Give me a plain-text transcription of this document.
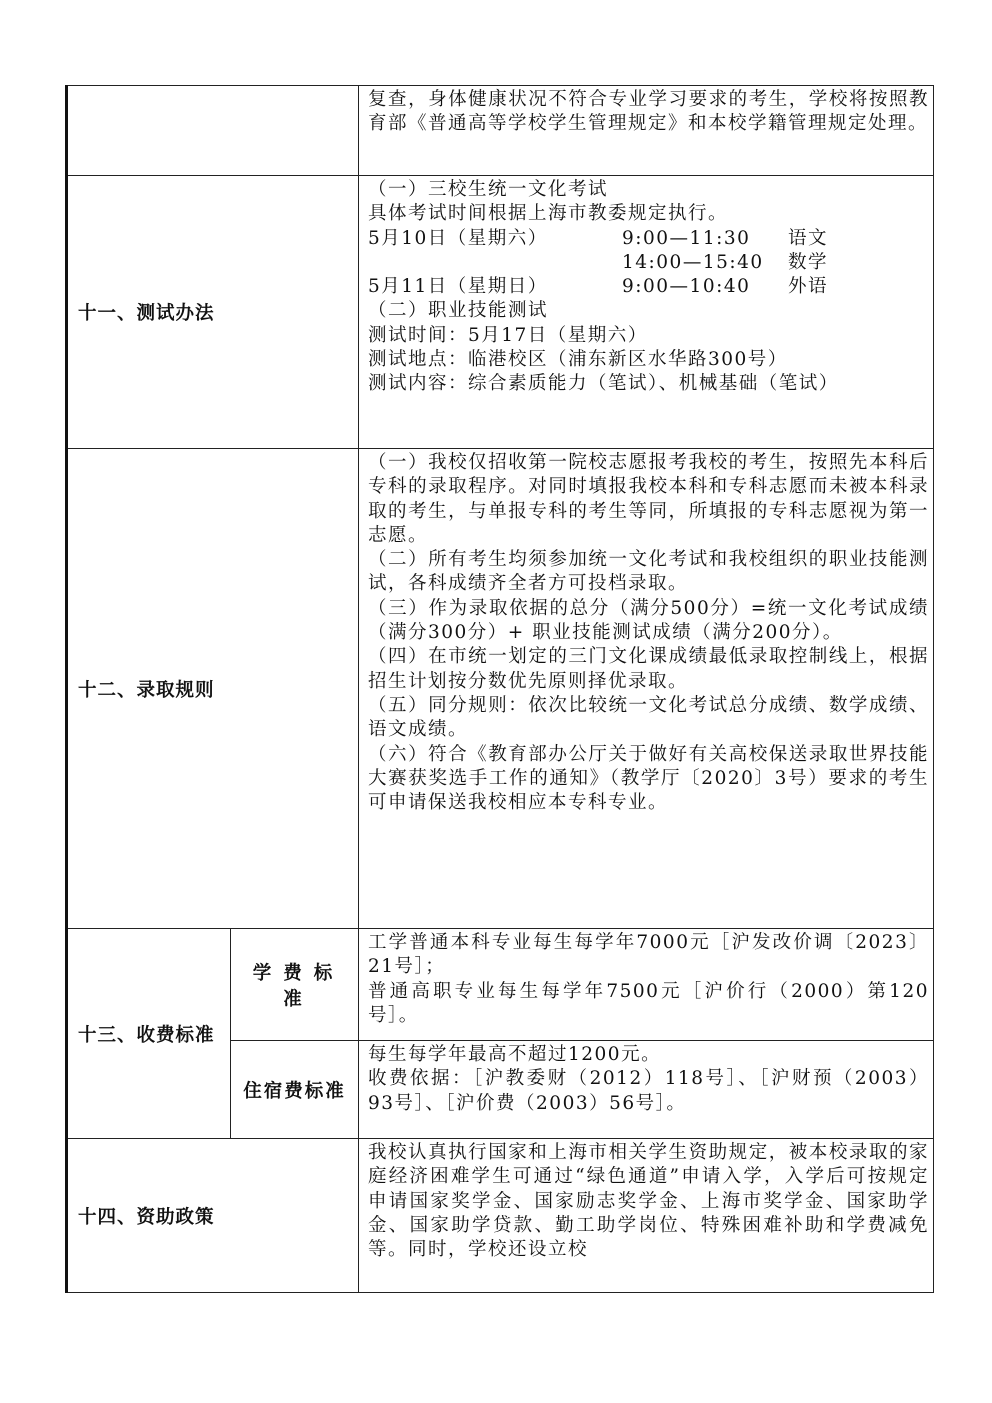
		复查，身体健康状况不符合专业学习要求的考生，学校将按照教育部《普通高等学校学生管理规定》和本校学籍管理规定处理。

十一、测试办法	
（一）三校生统一文化考试
具体考试时间根据上海市教委规定执行。
5月10日（星期六）	9:00—11:30	语文
14:00—15:40	数学
5月11日（星期日）	9:00—10:40	外语
（二）职业技能测试
测试时间：5月17日（星期六）
测试地点：临港校区（浦东新区水华路300号）
测试内容：综合素质能力（笔试）、机械基础（笔试）

十二、录取规则	
（一）我校仅招收第一院校志愿报考我校的考生，按照先本科后专科的录取程序。对同时填报我校本科和专科志愿而未被本科录取的考生，与单报专科的考生等同，所填报的专科志愿视为第一志愿。
（二）所有考生均须参加统一文化考试和我校组织的职业技能测试，各科成绩齐全者方可投档录取。
（三）作为录取依据的总分（满分500分）=统一文化考试成绩（满分300分）+ 职业技能测试成绩（满分200分）。
（四）在市统一划定的三门文化课成绩最低录取控制线上，根据招生计划按分数优先原则择优录取。
（五）同分规则：依次比较统一文化考试总分成绩、数学成绩、语文成绩。
（六）符合《教育部办公厅关于做好有关高校保送录取世界技能大赛获奖选手工作的通知》（教学厅〔2020〕3号）要求的考生可申请保送我校相应本专科专业。

十三、收费标准	学费标准	工学普通本科专业每生每学年7000元［沪发改价调〔2023〕21号］；
普通高职专业每生每学年7500元［沪价行（2000）第120号］。

	住宿费标准	每生每学年最高不超过1200元。
收费依据：［沪教委财（2012）118号］、［沪财预（2003）93号］、［沪价费（2003）56号］。

十四、资助政策		我校认真执行国家和上海市相关学生资助规定，被本校录取的家庭经济困难学生可通过“绿色通道”申请入学，入学后可按规定申请国家奖学金、国家励志奖学金、上海市奖学金、国家助学金、国家助学贷款、勤工助学岗位、特殊困难补助和学费减免等。同时，学校还设立校
